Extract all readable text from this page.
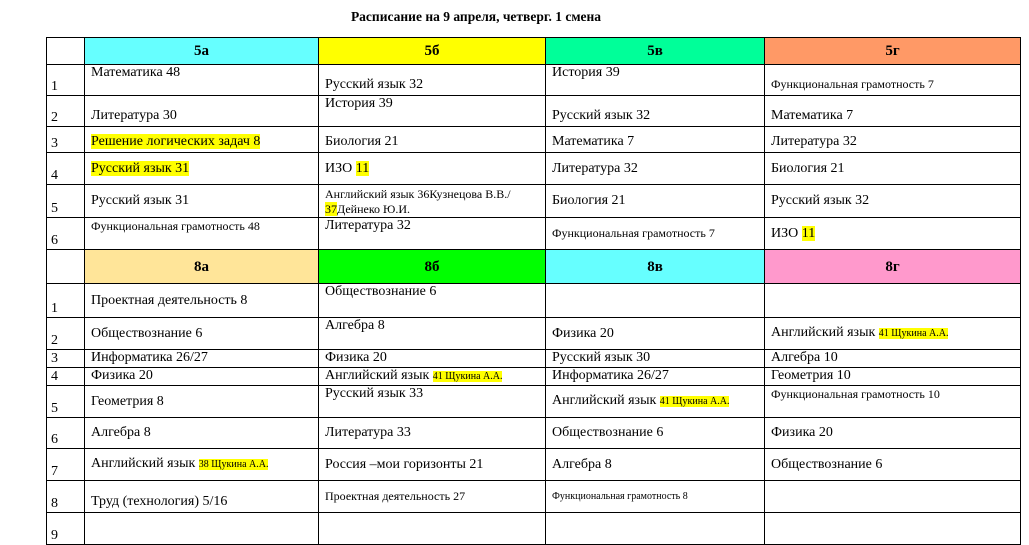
Расписание на 9 апреля, четверг. 1 смена
	5а	5б	5в	5г
1	Математика 48	Русский язык 32	История 39	Функциональная грамотность 7
2	Литература 30	История 39	Русский язык 32	Математика 7
3	Решение логических задач 8	Биология 21	Математика 7	Литература 32
4	Русский язык 31	ИЗО 11	Литература 32	Биология 21
5	Русский язык 31	Английский язык 36Кузнецова В.В./
37Дейнеко Ю.И.	Биология 21	Русский язык 32
6	Функциональная грамотность 48	Литература 32	Функциональная грамотность 7	ИЗО 11
	8а	8б	8в	8г
1	Проектная деятельность 8	Обществознание 6		
2	Обществознание 6	Алгебра 8	Физика 20	Английский язык 41 Щукина А.А.
3	Информатика 26/27	Физика 20	Русский язык 30	Алгебра 10
4	Физика 20	Английский язык 41 Щукина А.А.	Информатика 26/27	Геометрия 10
5	Геометрия 8	Русский язык 33	Английский язык 41 Щукина А.А.	Функциональная грамотность 10
6	Алгебра 8	Литература 33	Обществознание 6	Физика 20
7	Английский язык 38 Щукина А.А.	Россия –мои горизонты 21	Алгебра 8	Обществознание 6
8	Труд (технология) 5/16	Проектная деятельность 27	Функциональная грамотность 8	
9				
